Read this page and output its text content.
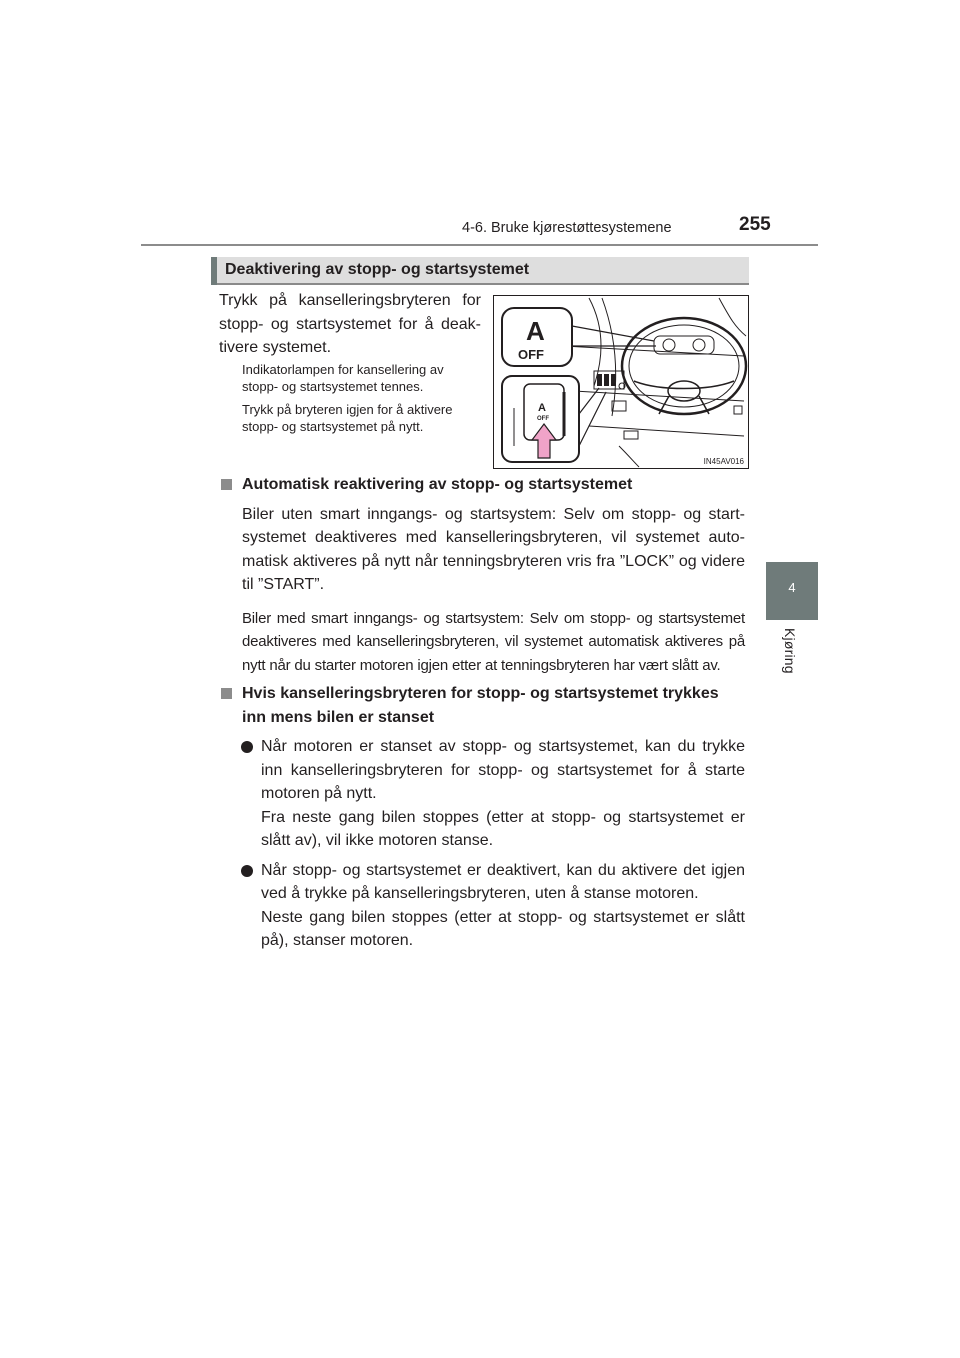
4-6. Bruke kjørestøttesystemene	255
4
Kjøring
Deaktivering av stopp- og startsystemet
Trykk på kanselleringsbryteren for stopp- og startsystemet for å deaktivere systemet.
Indikatorlampen for kansellering av stopp- og startsystemet tennes.
Trykk på bryteren igjen for å aktivere stopp- og startsystemet på nytt.
A
OFF
A
OFF
IN45AV016
Automatisk reaktivering av stopp- og startsystemet
Biler uten smart inngangs- og startsystem: Selv om stopp- og startsystemet deaktiveres med kanselleringsbryteren, vil systemet automatisk aktiveres på nytt når tenningsbryteren vris fra ”LOCK” og videre til ”START”.
Biler med smart inngangs- og startsystem: Selv om stopp- og startsystemet deaktiveres med kanselleringsbryteren, vil systemet automatisk aktiveres på nytt når du starter motoren igjen etter at tenningsbryteren har vært slått av.
Hvis kanselleringsbryteren for stopp- og startsystemet trykkes inn mens bilen er stanset
Når motoren er stanset av stopp- og startsystemet, kan du trykke inn kanselleringsbryteren for stopp- og startsystemet for å starte motoren på nytt.
Fra neste gang bilen stoppes (etter at stopp- og startsystemet er slått av), vil ikke motoren stanse.
Når stopp- og startsystemet er deaktivert, kan du aktivere det igjen ved å trykke på kanselleringsbryteren, uten å stanse motoren.
Neste gang bilen stoppes (etter at stopp- og startsystemet er slått på), stanser motoren.
